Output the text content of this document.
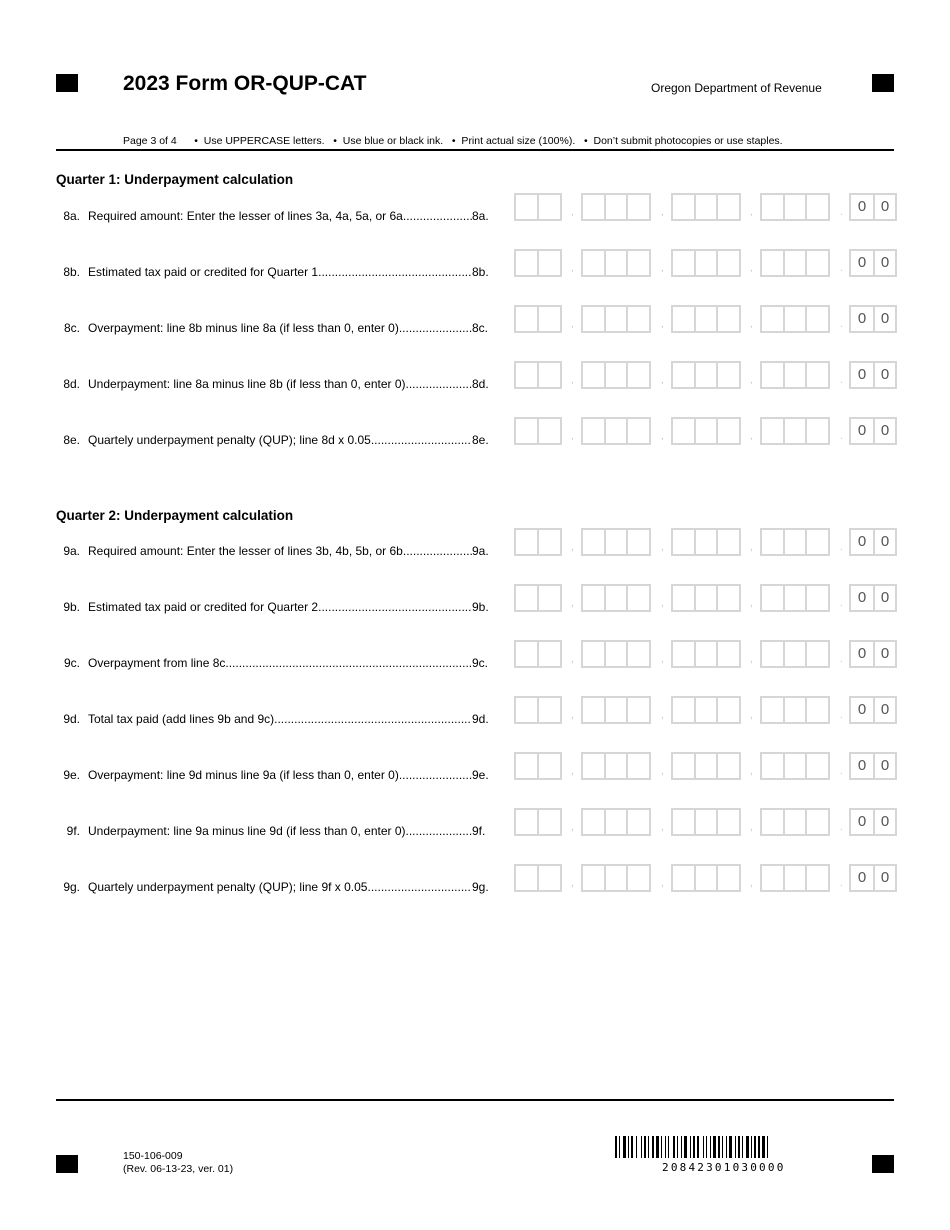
2023 Form OR-QUP-CAT	Oregon Department of Revenue
Page 3 of 4 •  Use UPPERCASE letters.   •  Use blue or black ink.   •  Print actual size (100%).   •  Don’t submit photocopies or use staples.
Quarter 1: Underpayment calculation
8a. Required amount: Enter the lesser of lines 3a, 4a, 5a, or 6a .....	8a.	,	,	,	.	0 0
8b. Estimated tax paid or credited for Quarter 1 .....	8b.	,	,	,	.	0 0
8c. Overpayment: line 8b minus line 8a (if less than 0, enter 0) .....	8c.	,	,	,	.	0 0
8d. Underpayment: line 8a minus line 8b (if less than 0, enter 0) .....	8d.	,	,	,	.	0 0
8e. Quartely underpayment penalty (QUP); line 8d x 0.05 .....	8e.	,	,	,	.	0 0
Quarter 2: Underpayment calculation
9a. Required amount: Enter the lesser of lines 3b, 4b, 5b, or 6b .....	9a.	,	,	,	.	0 0
9b. Estimated tax paid or credited for Quarter 2 .....	9b.	,	,	,	.	0 0
9c. Overpayment from line 8c .....	9c.	,	,	,	.	0 0
9d. Total tax paid (add lines 9b and 9c) .....	9d.	,	,	,	.	0 0
9e. Overpayment: line 9d minus line 9a (if less than 0, enter 0) .....	9e.	,	,	,	.	0 0
9f. Underpayment: line 9a minus line 9d (if less than 0, enter 0) .....	9f.	,	,	,	.	0 0
9g. Quartely underpayment penalty (QUP); line 9f x 0.05 .....	9g.	,	,	,	.	0 0
150-106-009
(Rev. 06-13-23, ver. 01)	20842301030000
